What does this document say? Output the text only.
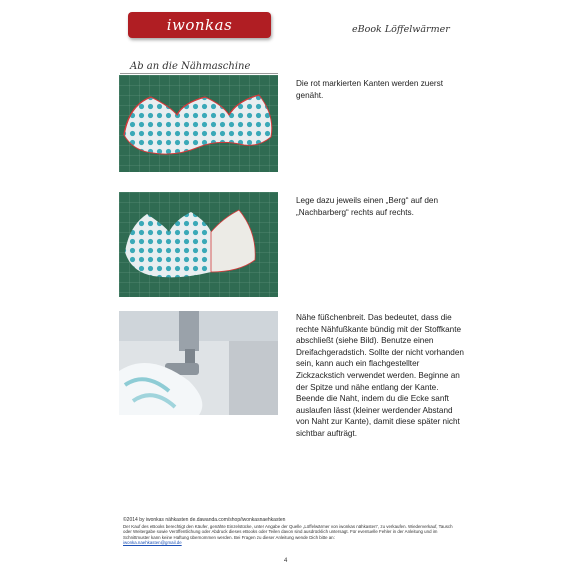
iwonkas nähkasten
eBook Löffelwärmer
Ab an die Nähmaschine
Die rot markierten Kanten werden zuerst genäht.
Lege dazu jeweils einen „Berg“ auf den „Nachbarberg“ rechts auf rechts.
Nähe füßchenbreit. Das bedeutet, dass die rechte Nähfußkante bündig mit der Stoffkante abschließt (siehe Bild). Benutze einen Dreifachgeradstich. Sollte der nicht vorhanden sein, kann auch ein flachgestellter Zickzackstich verwendet werden. Beginne an der Spitze und nähe entlang der Kante. Beende die Naht, indem du die Ecke sanft auslaufen lässt (kleiner werdender Abstand von Naht zur Kante), damit diese später nicht sichtbar aufträgt.
©2014 by iwonkas nähkasten de.dawanda.com/shop/iwonkasnaehkasten
Der Kauf des eBooks berechtigt den Käufer, genähte Einzelstücke, unter Angabe der Quelle „Löffelwärmer von iwonkas nähkasten“, zu verkaufen. Wiederverkauf, Tausch oder Weitergabe sowie Veröffentlichung oder Abdruck dieses eBooks oder Teilen davon sind ausdrücklich untersagt. Für eventuelle Fehler in der Anleitung und im Schnittmuster kann keine Haftung übernommen werden. Bei Fragen zu dieser Anleitung wende Dich bitte an:
iwonka.naehkasten@gmail.de
4
